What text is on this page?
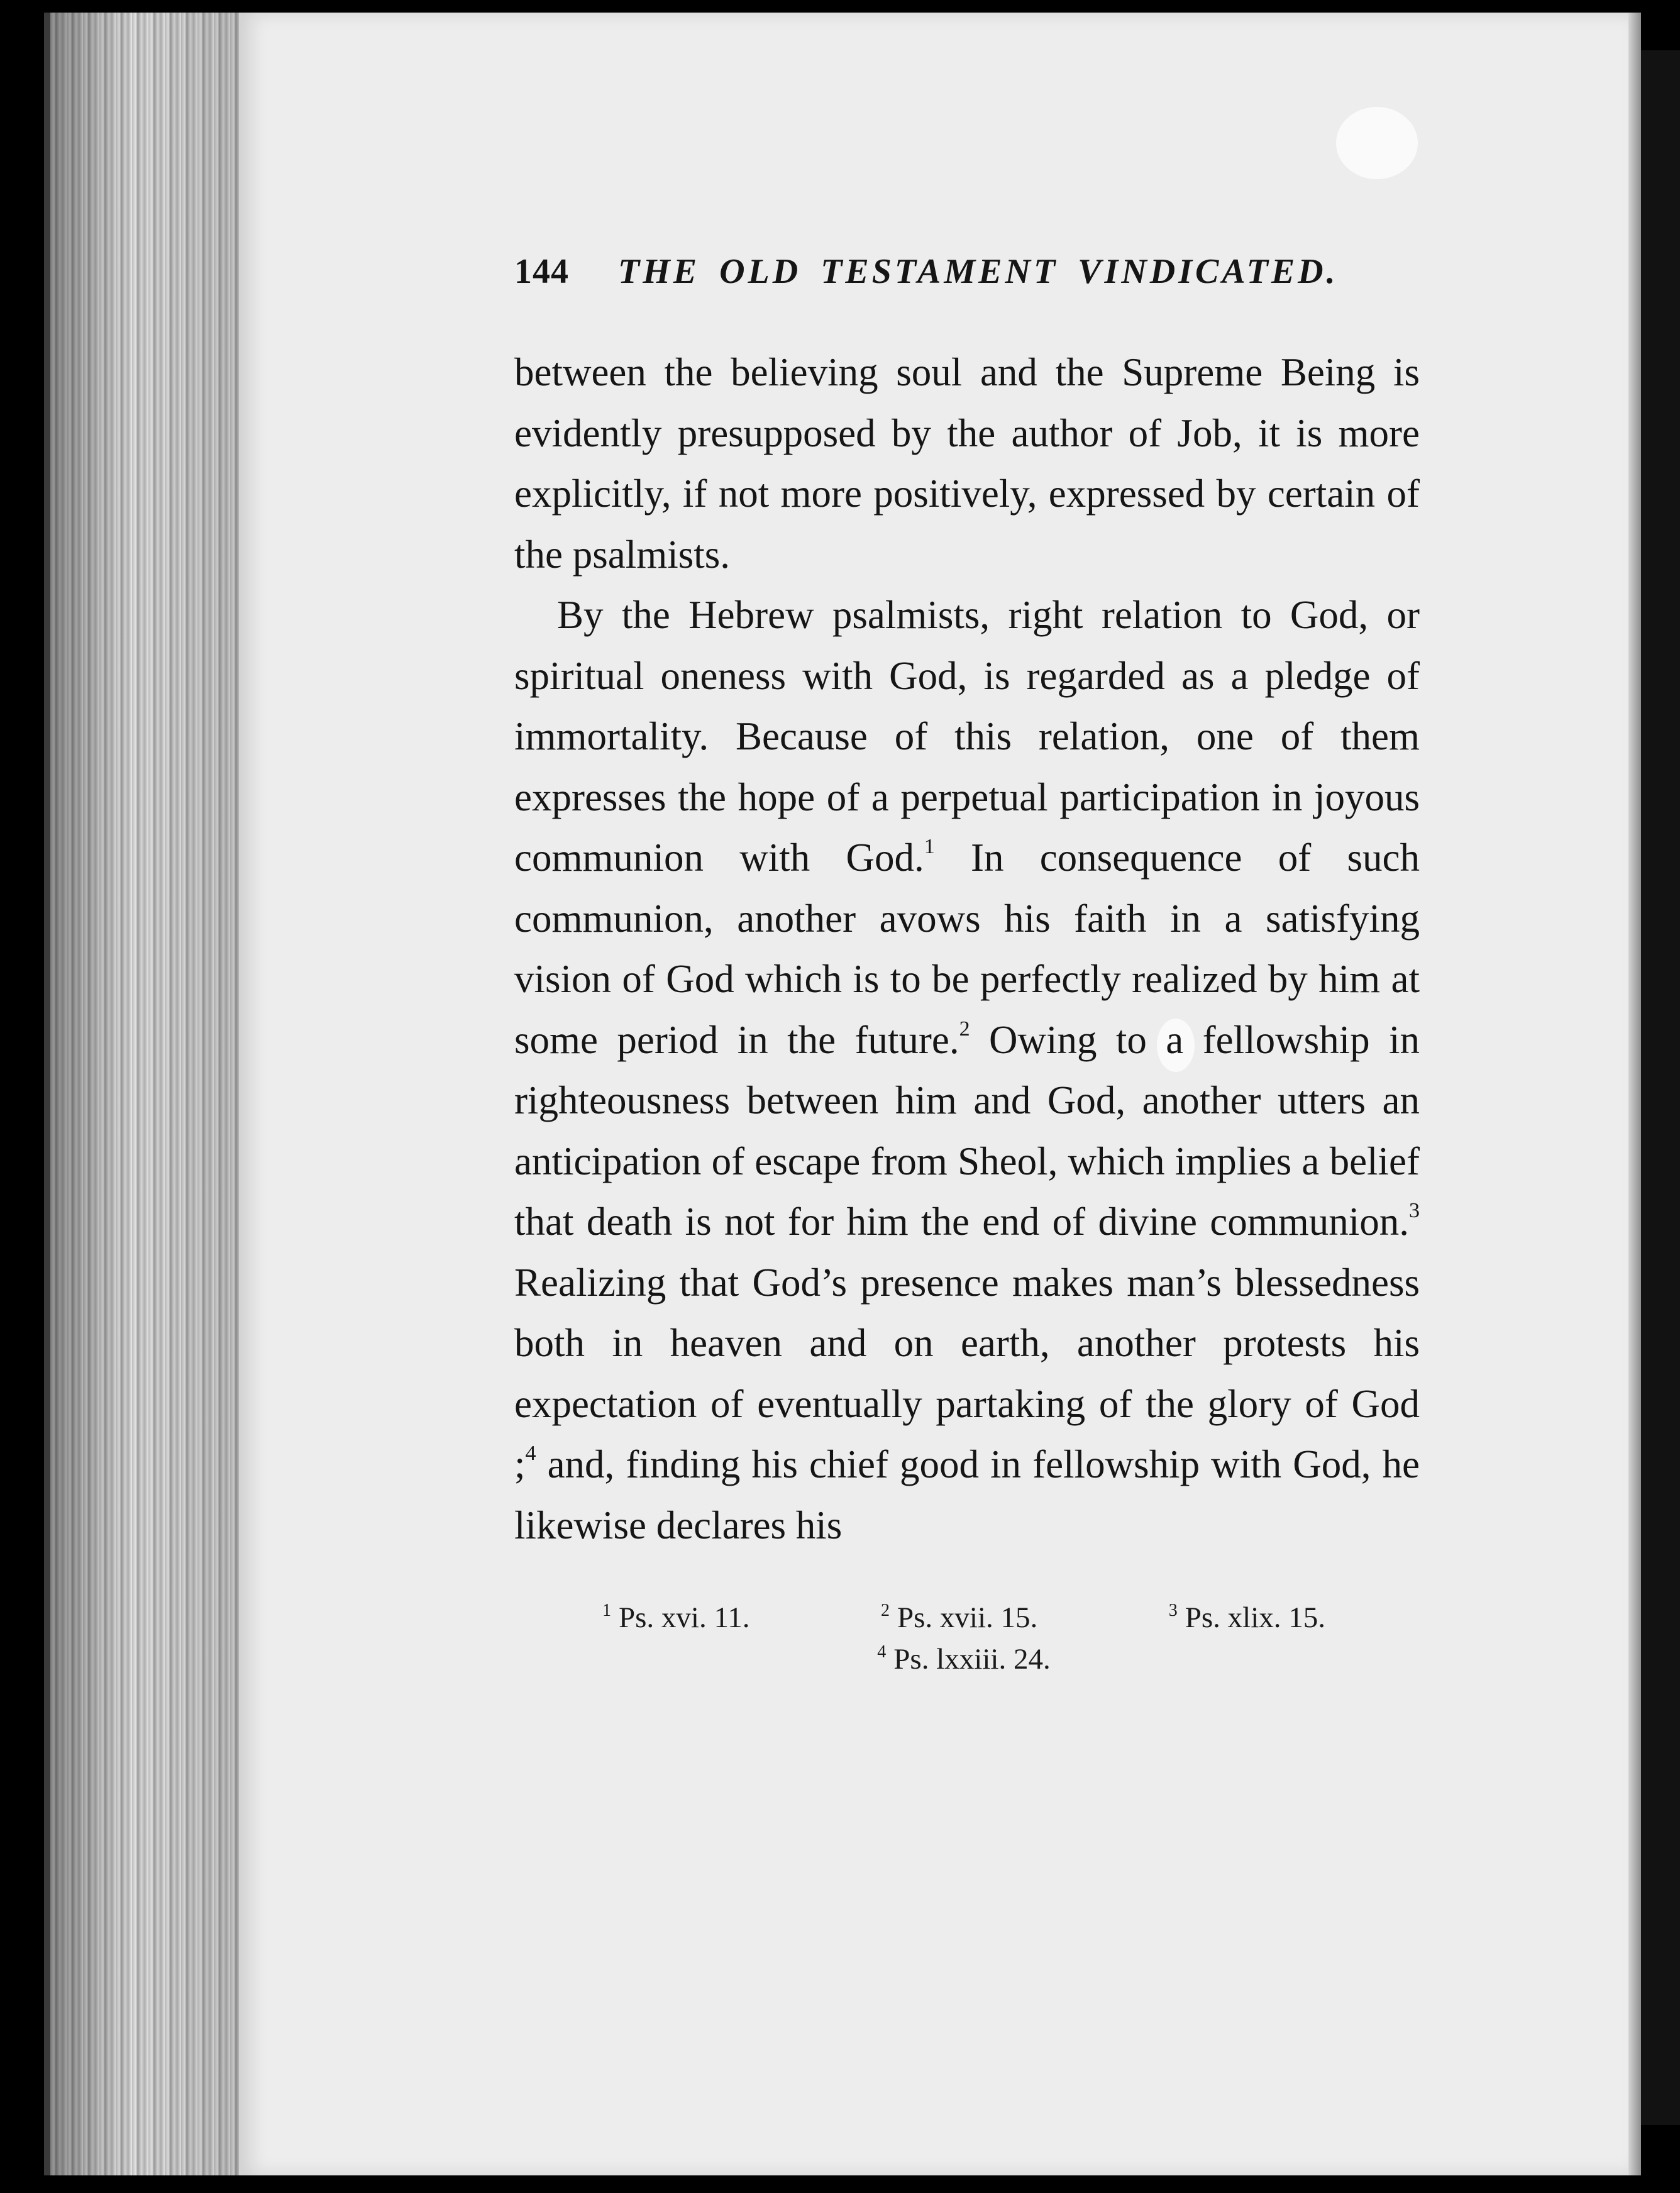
144	THE OLD TESTAMENT VINDICATED.

between the believing soul and the Supreme Being is evidently presupposed by the author of Job, it is more explicitly, if not more positively, expressed by certain of the psalmists.

By the Hebrew psalmists, right relation to God, or spiritual oneness with God, is regarded as a pledge of immortality. Because of this relation, one of them expresses the hope of a perpetual participation in joyous communion with God.$^1$ In consequence of such communion, another avows his faith in a satisfying vision of God which is to be perfectly realized by him at some period in the future.$^2$ Owing to a fellowship in righteousness between him and God, another utters an anticipation of escape from Sheol, which implies a belief that death is not for him the end of divine communion.$^3$ Realizing that God’s presence makes man’s blessedness both in heaven and on earth, another protests his expectation of eventually partaking of the glory of God ;$^4$ and, finding his chief good in fellowship with God, he likewise declares his

$^1$ Ps. xvi. 11.	$^2$ Ps. xvii. 15.	$^3$ Ps. xlix. 15.
$^4$ Ps. lxxiii. 24.
